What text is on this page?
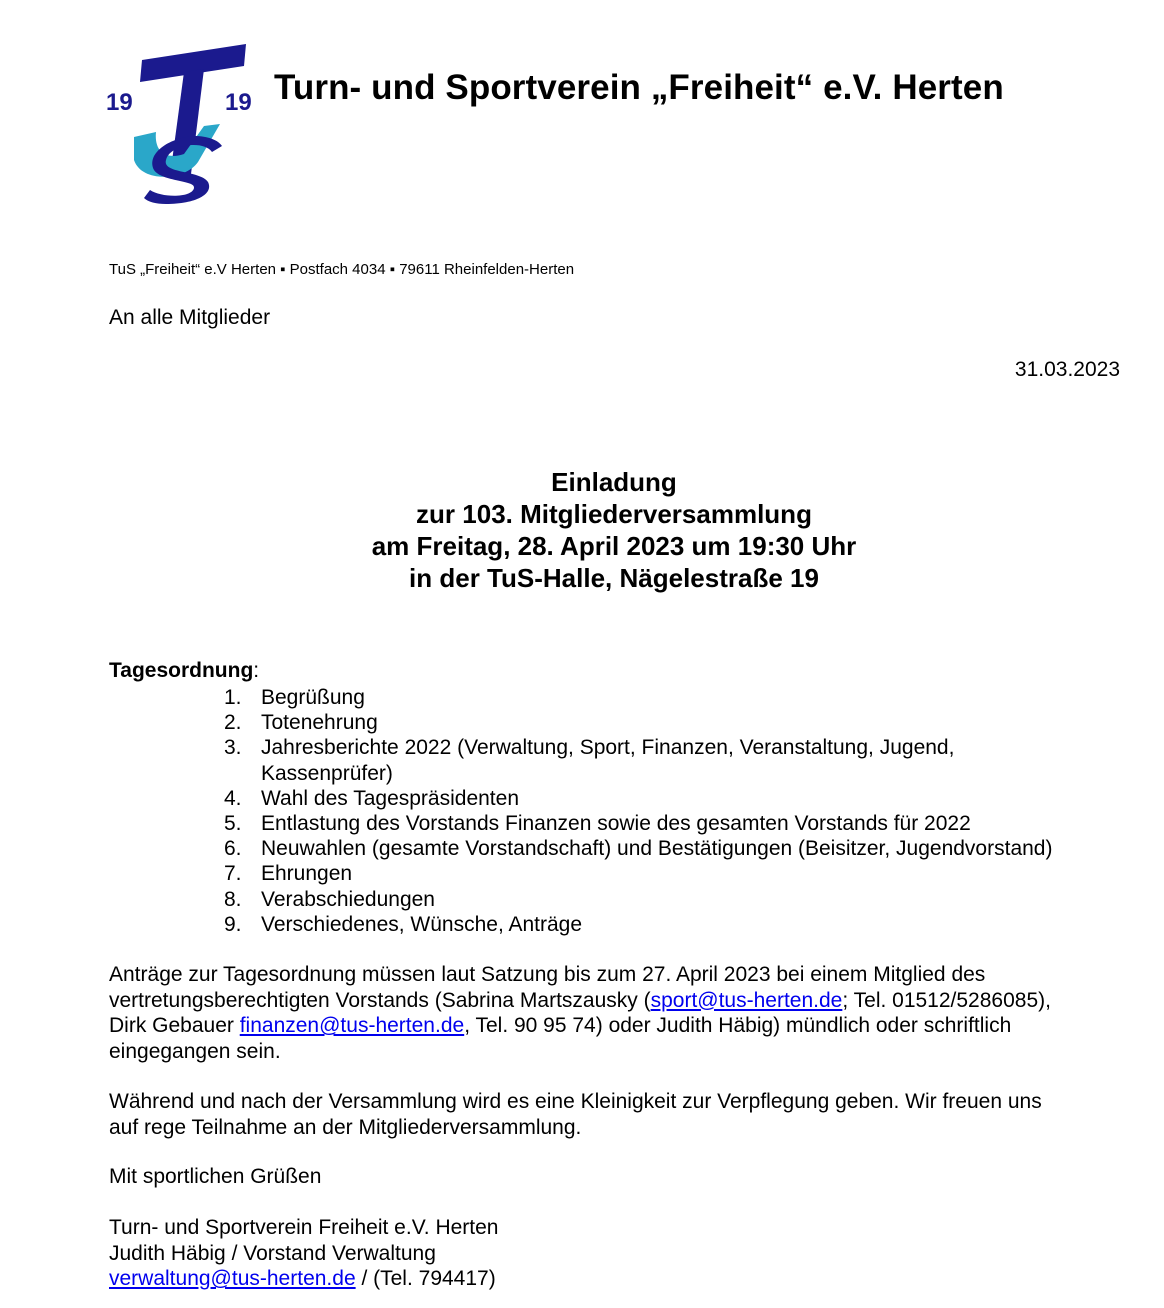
19	19 Turn- und Sportverein „Freiheit“ e.V. Herten
TuS „Freiheit“ e.V Herten ▪ Postfach 4034 ▪ 79611 Rheinfelden-Herten
An alle Mitglieder
31.03.2023
Einladung
zur 103. Mitgliederversammlung
am Freitag, 28. April 2023 um 19:30 Uhr
in der TuS-Halle, Nägelestraße 19
Tagesordnung:
1. Begrüßung
2. Totenehrung
3. Jahresberichte 2022 (Verwaltung, Sport, Finanzen, Veranstaltung, Jugend,
Kassenprüfer)
4. Wahl des Tagespräsidenten
5. Entlastung des Vorstands Finanzen sowie des gesamten Vorstands für 2022
6. Neuwahlen (gesamte Vorstandschaft) und Bestätigungen (Beisitzer, Jugendvorstand)
7. Ehrungen
8. Verabschiedungen
9. Verschiedenes, Wünsche, Anträge
Anträge zur Tagesordnung müssen laut Satzung bis zum 27. April 2023 bei einem Mitglied des
vertretungsberechtigten Vorstands (Sabrina Martszausky (sport@tus-herten.de; Tel. 01512/5286085),
Dirk Gebauer finanzen@tus-herten.de, Tel. 90 95 74) oder Judith Häbig) mündlich oder schriftlich
eingegangen sein.
Während und nach der Versammlung wird es eine Kleinigkeit zur Verpflegung geben. Wir freuen uns
auf rege Teilnahme an der Mitgliederversammlung.
Mit sportlichen Grüßen
Turn- und Sportverein Freiheit e.V. Herten
Judith Häbig / Vorstand Verwaltung
verwaltung@tus-herten.de / (Tel. 794417)
